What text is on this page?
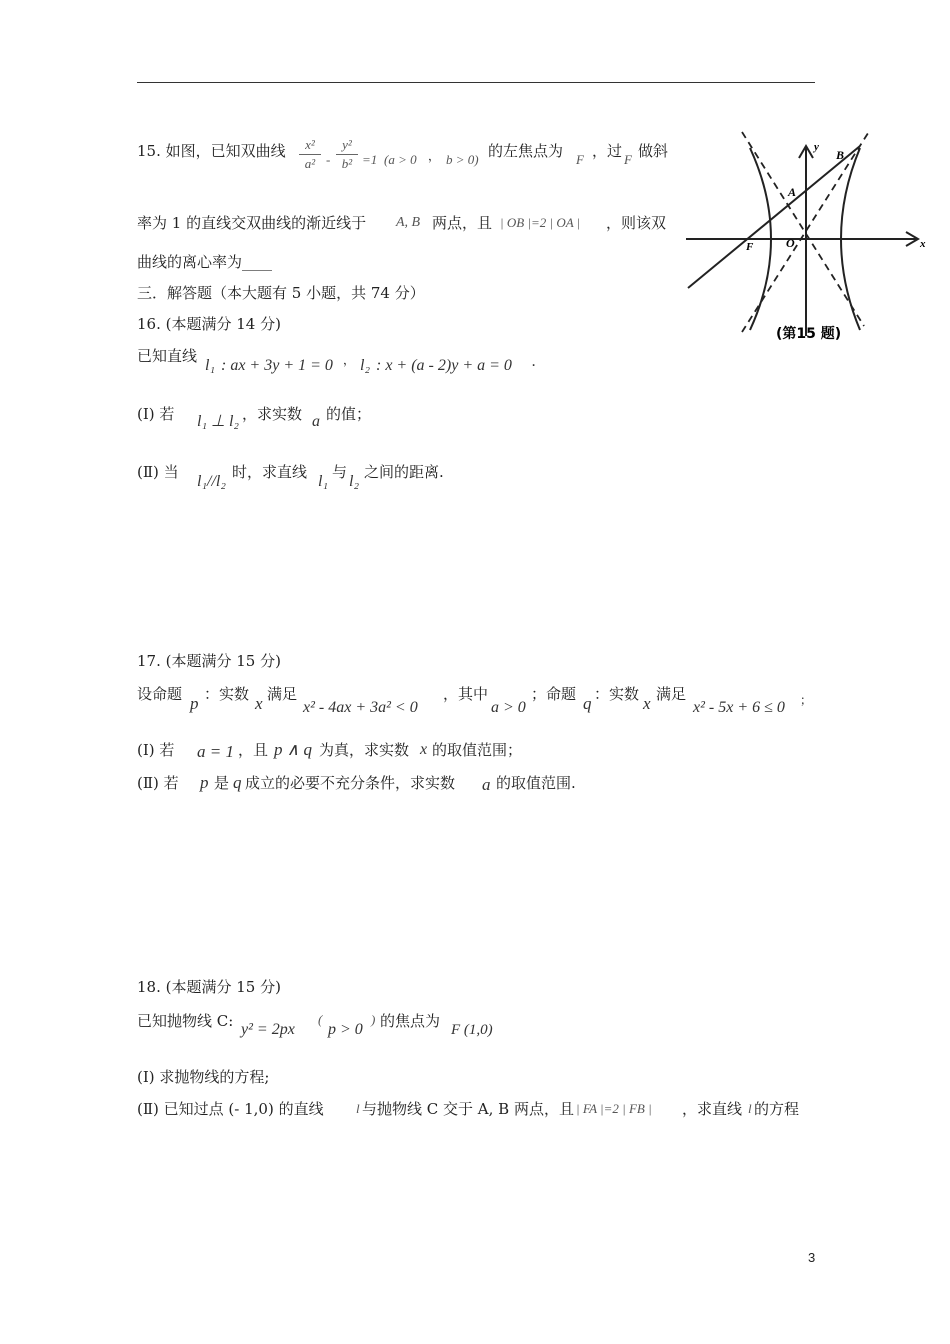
15. 如图，已知双曲线	x²
a² -
y²
b² =1 (a > 0 ， b > 0) 的左焦点为 F ，过 F 做斜
率为 1 的直线交双曲线的渐近线于 A, B 两点，且 | OB |=2 | OA | ，则该双
曲线的离心率为____
y
x
B
A
F	O
(第15 题)
三．解答题（本大题有 5 小题，共 74 分）
16. (本题满分 14 分)
已知直线
l₁ : ax + 3y + 1 = 0 ， l₂ : x + (a - 2)y + a = 0 .
(Ⅰ) 若 l₁ ⊥ l₂ ，求实数 a 的值；
(Ⅱ) 当
l₁//l₂
时，求直线
l₁
与
l₂
之间的距离.
17. (本题满分 15 分)
设命题 p ：实数 x 满足
x² - 4ax + 3a² < 0
，其中
a > 0
；命题 q ：实数 x 满足
x² - 5x + 6 ≤ 0 ；
(Ⅰ) 若 a = 1 ，且 p ∧ q 为真，求实数 x 的取值范围；
(Ⅱ) 若 p 是 q 成立的必要不充分条件，求实数 a 的取值范围.
18. (本题满分 15 分)
已知抛物线 C: y² = 2px
(
p > 0
) 的焦点为 F (1,0)
(Ⅰ) 求抛物线的方程;
(Ⅱ) 已知过点 (- 1,0) 的直线 l 与抛物线 C 交于 A, B 两点，且 | FA |=2 | FB | ，求直线 l 的方程
3
